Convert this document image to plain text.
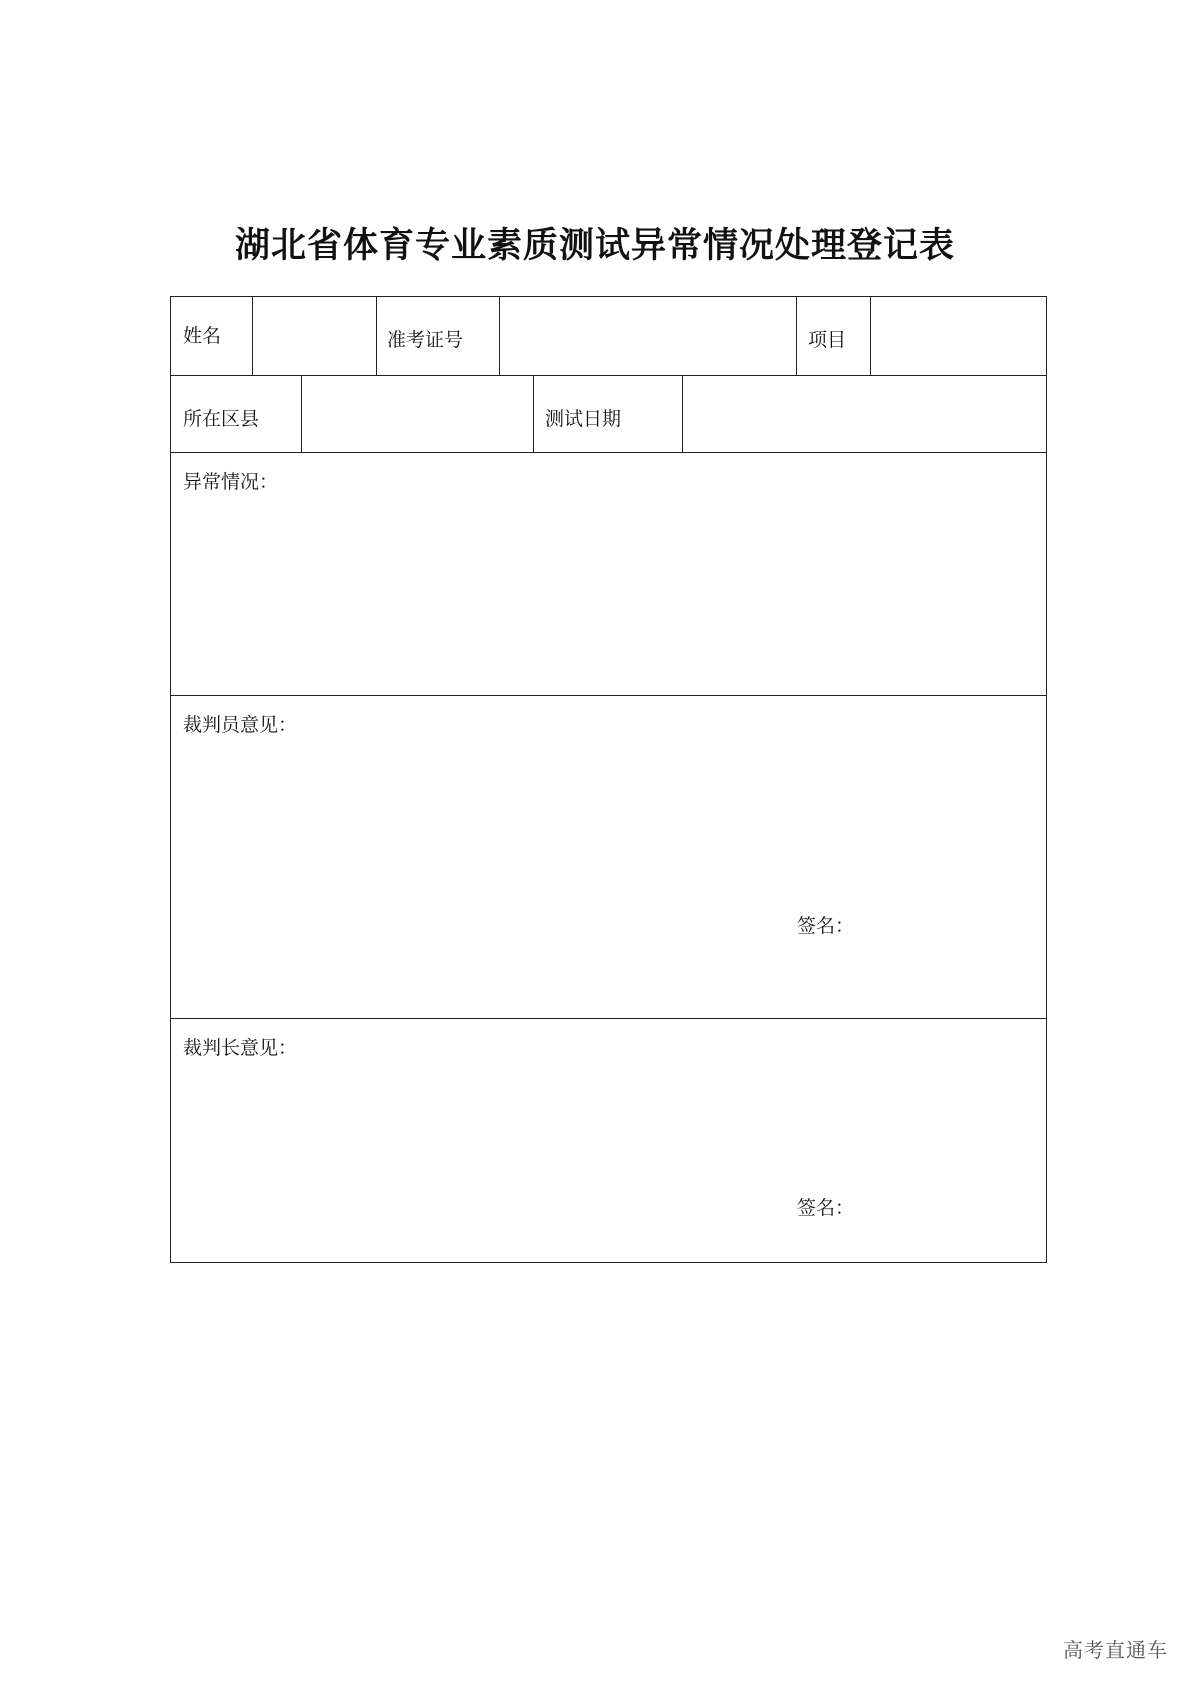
湖北省体育专业素质测试异常情况处理登记表
姓名	准考证号	项目
所在区县	测试日期
异常情况：
裁判员意见：
签名：
裁判长意见：
签名：
高考直通车
